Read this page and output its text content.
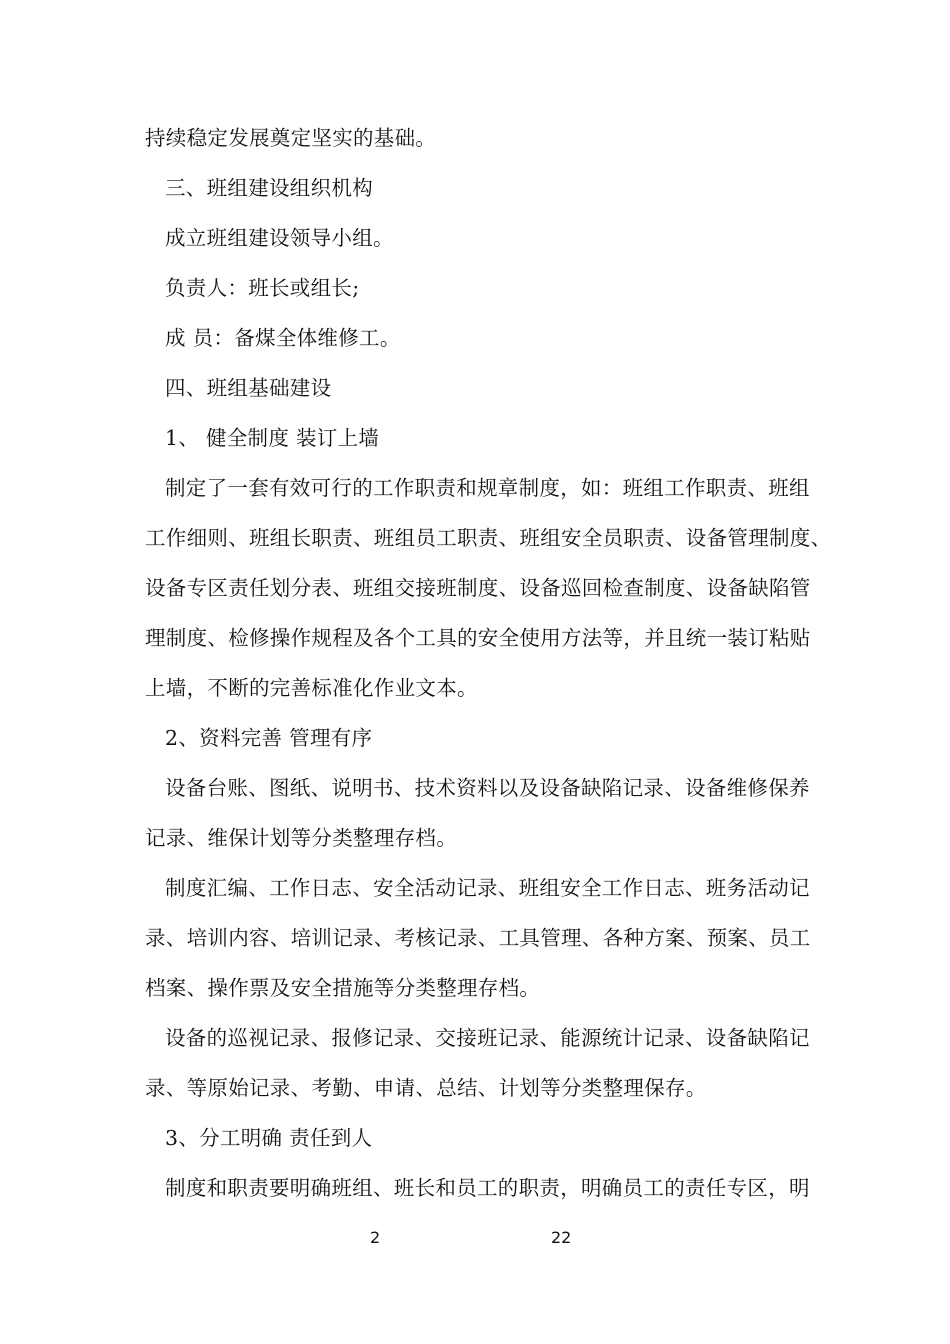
持续稳定发展奠定坚实的基础。
三、班组建设组织机构
成立班组建设领导小组。
负责人：班长或组长;
成 员：备煤全体维修工。
四、班组基础建设
1、 健全制度 装订上墙
制定了一套有效可行的工作职责和规章制度，如：班组工作职责、班组
工作细则、班组长职责、班组员工职责、班组安全员职责、设备管理制度、
设备专区责任划分表、班组交接班制度、设备巡回检查制度、设备缺陷管
理制度、检修操作规程及各个工具的安全使用方法等，并且统一装订粘贴
上墙，不断的完善标准化作业文本。
2、资料完善 管理有序
设备台账、图纸、说明书、技术资料以及设备缺陷记录、设备维修保养
记录、维保计划等分类整理存档。
制度汇编、工作日志、安全活动记录、班组安全工作日志、班务活动记
录、培训内容、培训记录、考核记录、工具管理、各种方案、预案、员工
档案、操作票及安全措施等分类整理存档。
设备的巡视记录、报修记录、交接班记录、能源统计记录、设备缺陷记
录、等原始记录、考勤、申请、总结、计划等分类整理保存。
3、分工明确 责任到人
制度和职责要明确班组、班长和员工的职责，明确员工的责任专区，明
2	22
